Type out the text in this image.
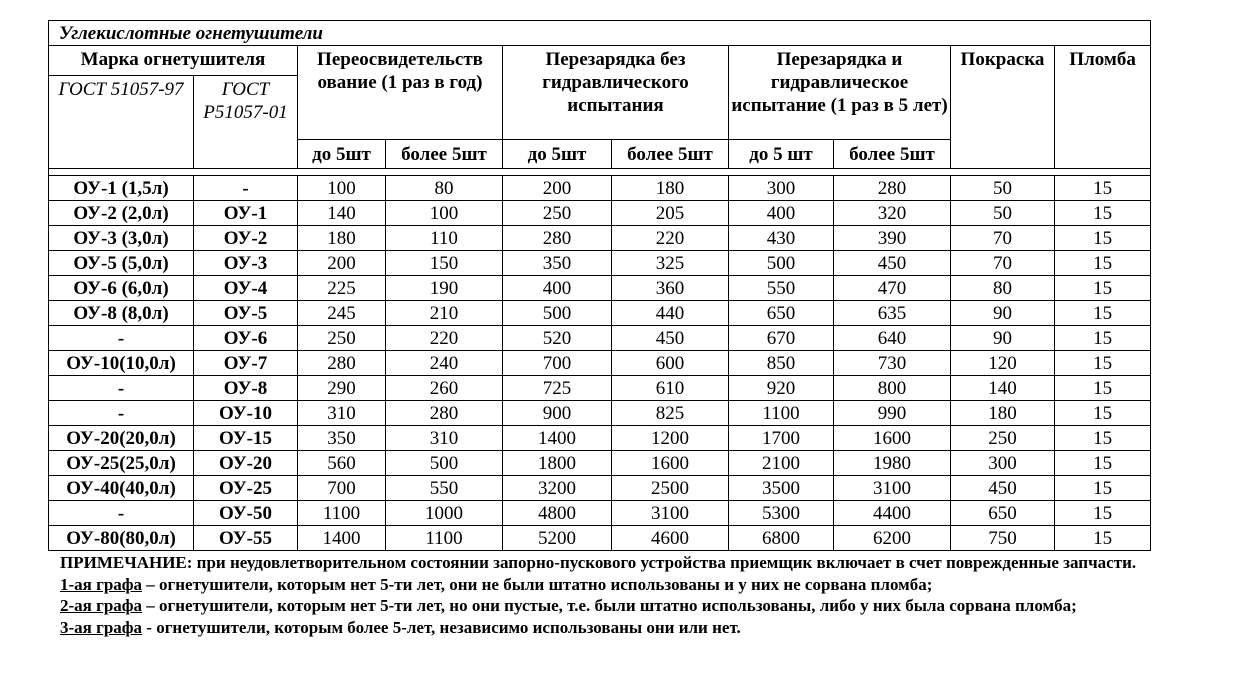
Углекислотные огнетушители									
Марка огнетушителя		Переосвидетельств ование (1 раз в год)		Перезарядка без гидравлического испытания		Перезарядка и гидравлическое испытание (1 раз в 5 лет)		Покраска	Пломба
ГОСТ 51057-97	ГОСТ Р51057-01								
		до 5шт	более 5шт	до 5шт	более 5шт	до 5 шт	более 5шт		

ОУ-1 (1,5л)	-	100	80	200	180	300	280	50	15
ОУ-2 (2,0л)	ОУ-1	140	100	250	205	400	320	50	15
ОУ-3 (3,0л)	ОУ-2	180	110	280	220	430	390	70	15
ОУ-5 (5,0л)	ОУ-3	200	150	350	325	500	450	70	15
ОУ-6 (6,0л)	ОУ-4	225	190	400	360	550	470	80	15
ОУ-8 (8,0л)	ОУ-5	245	210	500	440	650	635	90	15
-	ОУ-6	250	220	520	450	670	640	90	15
ОУ-10(10,0л)	ОУ-7	280	240	700	600	850	730	120	15
-	ОУ-8	290	260	725	610	920	800	140	15
-	ОУ-10	310	280	900	825	1100	990	180	15
ОУ-20(20,0л)	ОУ-15	350	310	1400	1200	1700	1600	250	15
ОУ-25(25,0л)	ОУ-20	560	500	1800	1600	2100	1980	300	15
ОУ-40(40,0л)	ОУ-25	700	550	3200	2500	3500	3100	450	15
-	ОУ-50	1100	1000	4800	3100	5300	4400	650	15
ОУ-80(80,0л)	ОУ-55	1400	1100	5200	4600	6800	6200	750	15

ПРИМЕЧАНИЕ: при неудовлетворительном состоянии запорно-пускового устройства приемщик включает в счет поврежденные запчасти.

1-ая графа – огнетушители, которым нет 5-ти лет, они не были штатно использованы и у них не сорвана пломба;

2-ая графа – огнетушители, которым нет 5-ти лет, но они пустые, т.е. были штатно использованы, либо у них была сорвана пломба;

3-ая графа - огнетушители, которым более 5-лет, независимо использованы они или нет.
